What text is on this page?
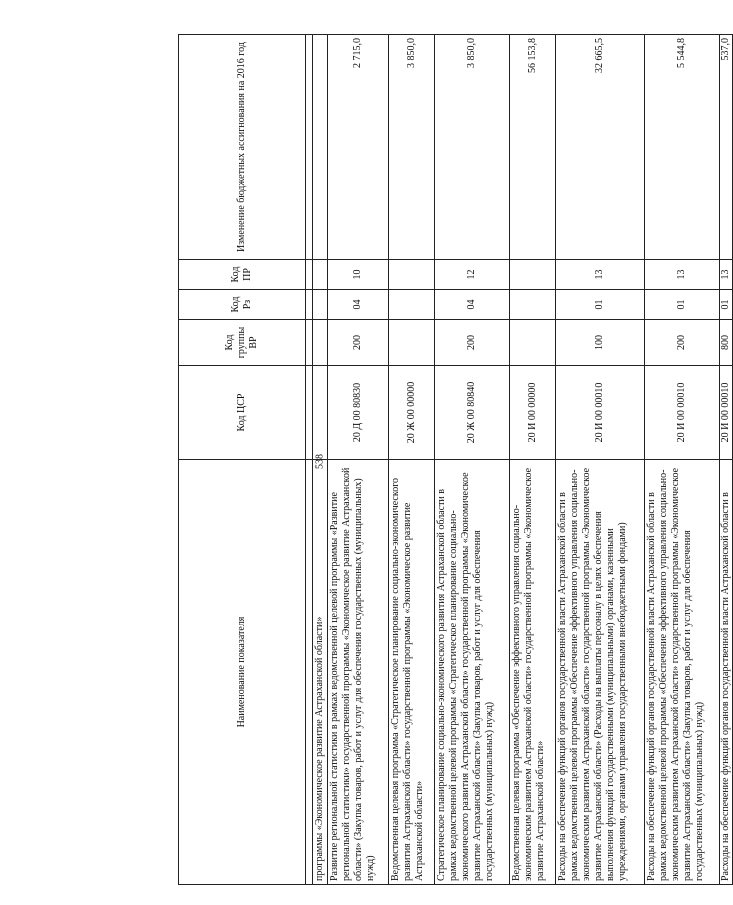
538
Наименование показателя	Код ЦСР	Код группы ВР	Код Рз	Код ПР	Изменение бюджетных ассигнования на 2016 год

программы «Экономическое развитие Астраханской области»					
Развитие региональной статистики в рамках ведомственной целевой программы «Развитие региональной статистики» государственной программы «Экономическое развитие Астраханской области» (Закупка товаров, работ и услуг для обеспечения государственных (муниципальных) нужд)	20 Д 00 80830	200	04	10	2 715,0
Ведомственная целевая программа «Стратегическое планирование социально-экономического развития Астраханской области» государственной программы «Экономическое развитие Астраханской области»	20 Ж 00 00000				3 850,0
Стратегическое планирование социально-экономического развития Астраханской области в рамках ведомственной целевой программы «Стратегическое планирование социально-экономического развития Астраханской области» государственной программы «Экономическое развитие Астраханской области» (Закупка товаров, работ и услуг для обеспечения государственных (муниципальных) нужд)	20 Ж 00 80840	200	04	12	3 850,0
Ведомственная целевая программа «Обеспечение эффективного управления социально-экономическим развитием Астраханской области» государственной программы «Экономическое развитие Астраханской области»	20 И 00 00000				56 153,8
Расходы на обеспечение функций органов государственной власти Астраханской области в рамках ведомственной целевой программы «Обеспечение эффективного управления социально-экономическим развитием Астраханской области» государственной программы «Экономическое развитие Астраханской области» (Расходы на выплаты персоналу в целях обеспечения выполнения функций государственными (муниципальными) органами, казенными учреждениями, органами управления государственными внебюджетными фондами)	20 И 00 00010	100	01	13	32 665,5
Расходы на обеспечение функций органов государственной власти Астраханской области в рамках ведомственной целевой программы «Обеспечение эффективного управления социально-экономическим развитием Астраханской области» государственной программы «Экономическое развитие Астраханской области» (Закупка товаров, работ и услуг для обеспечения государственных (муниципальных) нужд)	20 И 00 00010	200	01	13	5 544,8
Расходы на обеспечение функций органов государственной власти Астраханской области в	20 И 00 00010	800	01	13	537,0
